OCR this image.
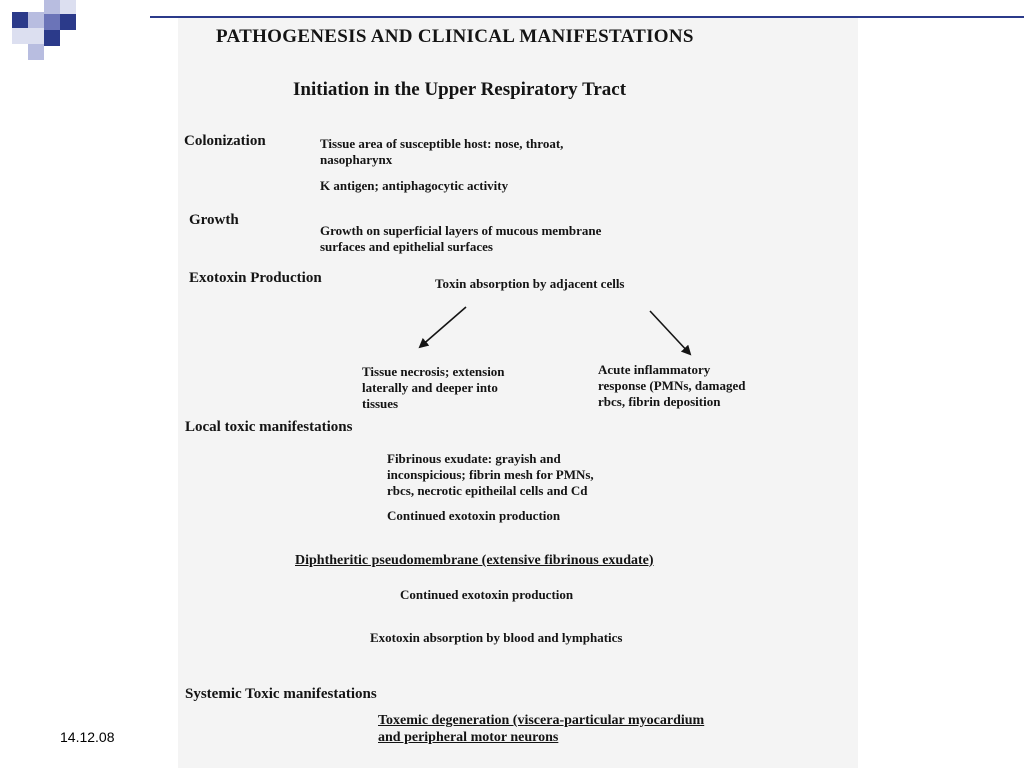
PATHOGENESIS AND CLINICAL MANIFESTATIONS
Initiation in the Upper Respiratory Tract
Colonization	Tissue area of susceptible host: nose, throat,
nasopharynx
K antigen; antiphagocytic activity
Growth
Growth on superficial layers of mucous membrane
surfaces and epithelial surfaces
Exotoxin Production	Toxin absorption by adjacent cells
Tissue necrosis; extension
laterally and deeper into
tissues
Acute inflammatory
response (PMNs, damaged
rbcs, fibrin deposition
Local toxic manifestations
Fibrinous exudate: grayish and
inconspicious; fibrin mesh for PMNs,
rbcs, necrotic epitheilal cells and Cd
Continued exotoxin production
Diphtheritic pseudomembrane (extensive fibrinous exudate)
Continued exotoxin production
Exotoxin absorption by blood and lymphatics
Systemic Toxic manifestations
Toxemic degeneration (viscera-particular myocardium
and peripheral motor neurons
14.12.08
